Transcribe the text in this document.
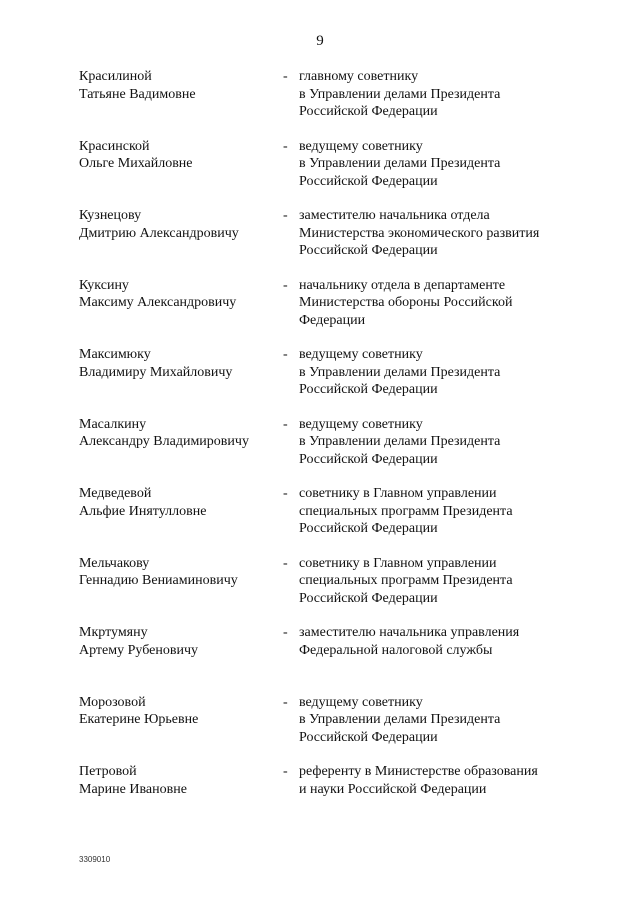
9
Красилиной
Татьяне Вадимовне
- главному советнику
в Управлении делами Президента
Российской Федерации
Красинской
Ольге Михайловне
- ведущему советнику
в Управлении делами Президента
Российской Федерации
Кузнецову
Дмитрию Александровичу
- заместителю начальника отдела
Министерства экономического развития
Российской Федерации
Куксину
Максиму Александровичу
- начальнику отдела в департаменте
Министерства обороны Российской
Федерации
Максимюку
Владимиру Михайловичу
- ведущему советнику
в Управлении делами Президента
Российской Федерации
Масалкину
Александру Владимировичу
- ведущему советнику
в Управлении делами Президента
Российской Федерации
Медведевой
Альфие Инятулловне
- советнику в Главном управлении
специальных программ Президента
Российской Федерации
Мельчакову
Геннадию Вениаминовичу
- советнику в Главном управлении
специальных программ Президента
Российской Федерации
Мкртумяну
Артему Рубеновичу
- заместителю начальника управления
Федеральной налоговой службы
Морозовой
Екатерине Юрьевне
- ведущему советнику
в Управлении делами Президента
Российской Федерации
Петровой
Марине Ивановне
- референту в Министерстве образования
и науки Российской Федерации
3309010
